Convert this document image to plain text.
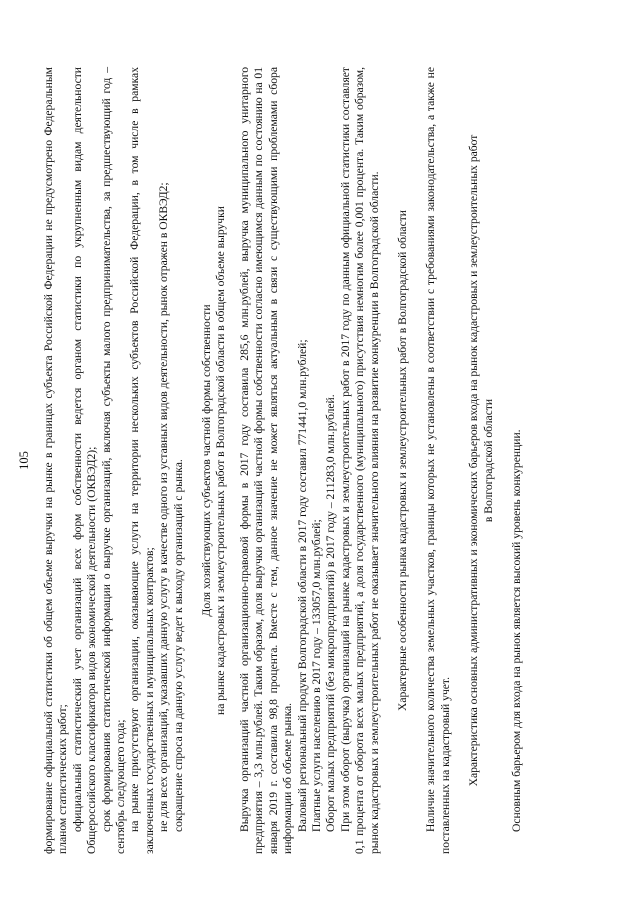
105 формирование официальной статистики об общем объеме выручки на рынке в границах субъекта Российской Федерации не предусмотрено Федеральным планом статистических работ; официальный статистический учет организаций всех форм собственности ведется органом статистики по укрупненным видам деятельности Общероссийского классификатора видов экономической деятельности (ОКВЭД2); срок формирования статистической информации о выручке организаций, включая субъекты малого предпринимательства, за предшествующий год – сентябрь следующего года; на рынке присутствуют организации, оказывающие услуги на территории нескольких субъектов Российской Федерации, в том числе в рамках заключенных государственных и муниципальных контрактов; не для всех организаций, указавших данную услугу в качестве одного из уставных видов деятельности, рынок отражен в ОКВЭД2; сокращение спроса на данную услугу ведет к выходу организаций с рынка. Доля хозяйствующих субъектов частной формы собственности на рынке кадастровых и землеустроительных работ в Волгоградской области в общем объеме выручки Выручка организаций частной организационно-правовой формы в 2017 году составила 285,6 млн.рублей, выручка муниципального унитарного предприятия – 3,3 млн.рублей. Таким образом, доля выручки организаций частной формы собственности согласно имеющимся данным по состоянию на 01 января 2019 г. составила 98,8 процента. Вместе с тем, данное значение не может являться актуальным в связи с существующими проблемами сбора информации об объеме рынка. Валовый региональный продукт Волгоградской области в 2017 году составил 771441,0 млн.рублей; Платные услуги населению в 2017 году – 133057,0 млн.рублей; Оборот малых предприятий (без микропредприятий) в 2017 году – 211283,0 млн.рублей. При этом оборот (выручка) организаций на рынке кадастровых и землеустроительных работ в 2017 году по данным официальной статистики составляет 0,1 процента от оборота всех малых предприятий, а доля государственного (муниципального) присутствия немногим более 0,001 процента. Таким образом, рынок кадастровых и землеустроительных работ не оказывает значительного влияния на развитие конкуренции в Волгоградской области. Характерные особенности рынка кадастровых и землеустроительных работ в Волгоградской области Наличие значительного количества земельных участков, границы которых не установлены в соответствии с требованиями законодательства, а также не поставленных на кадастровый учет. Характеристика основных административных и экономических барьеров входа на рынок кадастровых и землеустроительных работ в Волгоградской области Основным барьером для входа на рынок является высокий уровень конкуренции.
